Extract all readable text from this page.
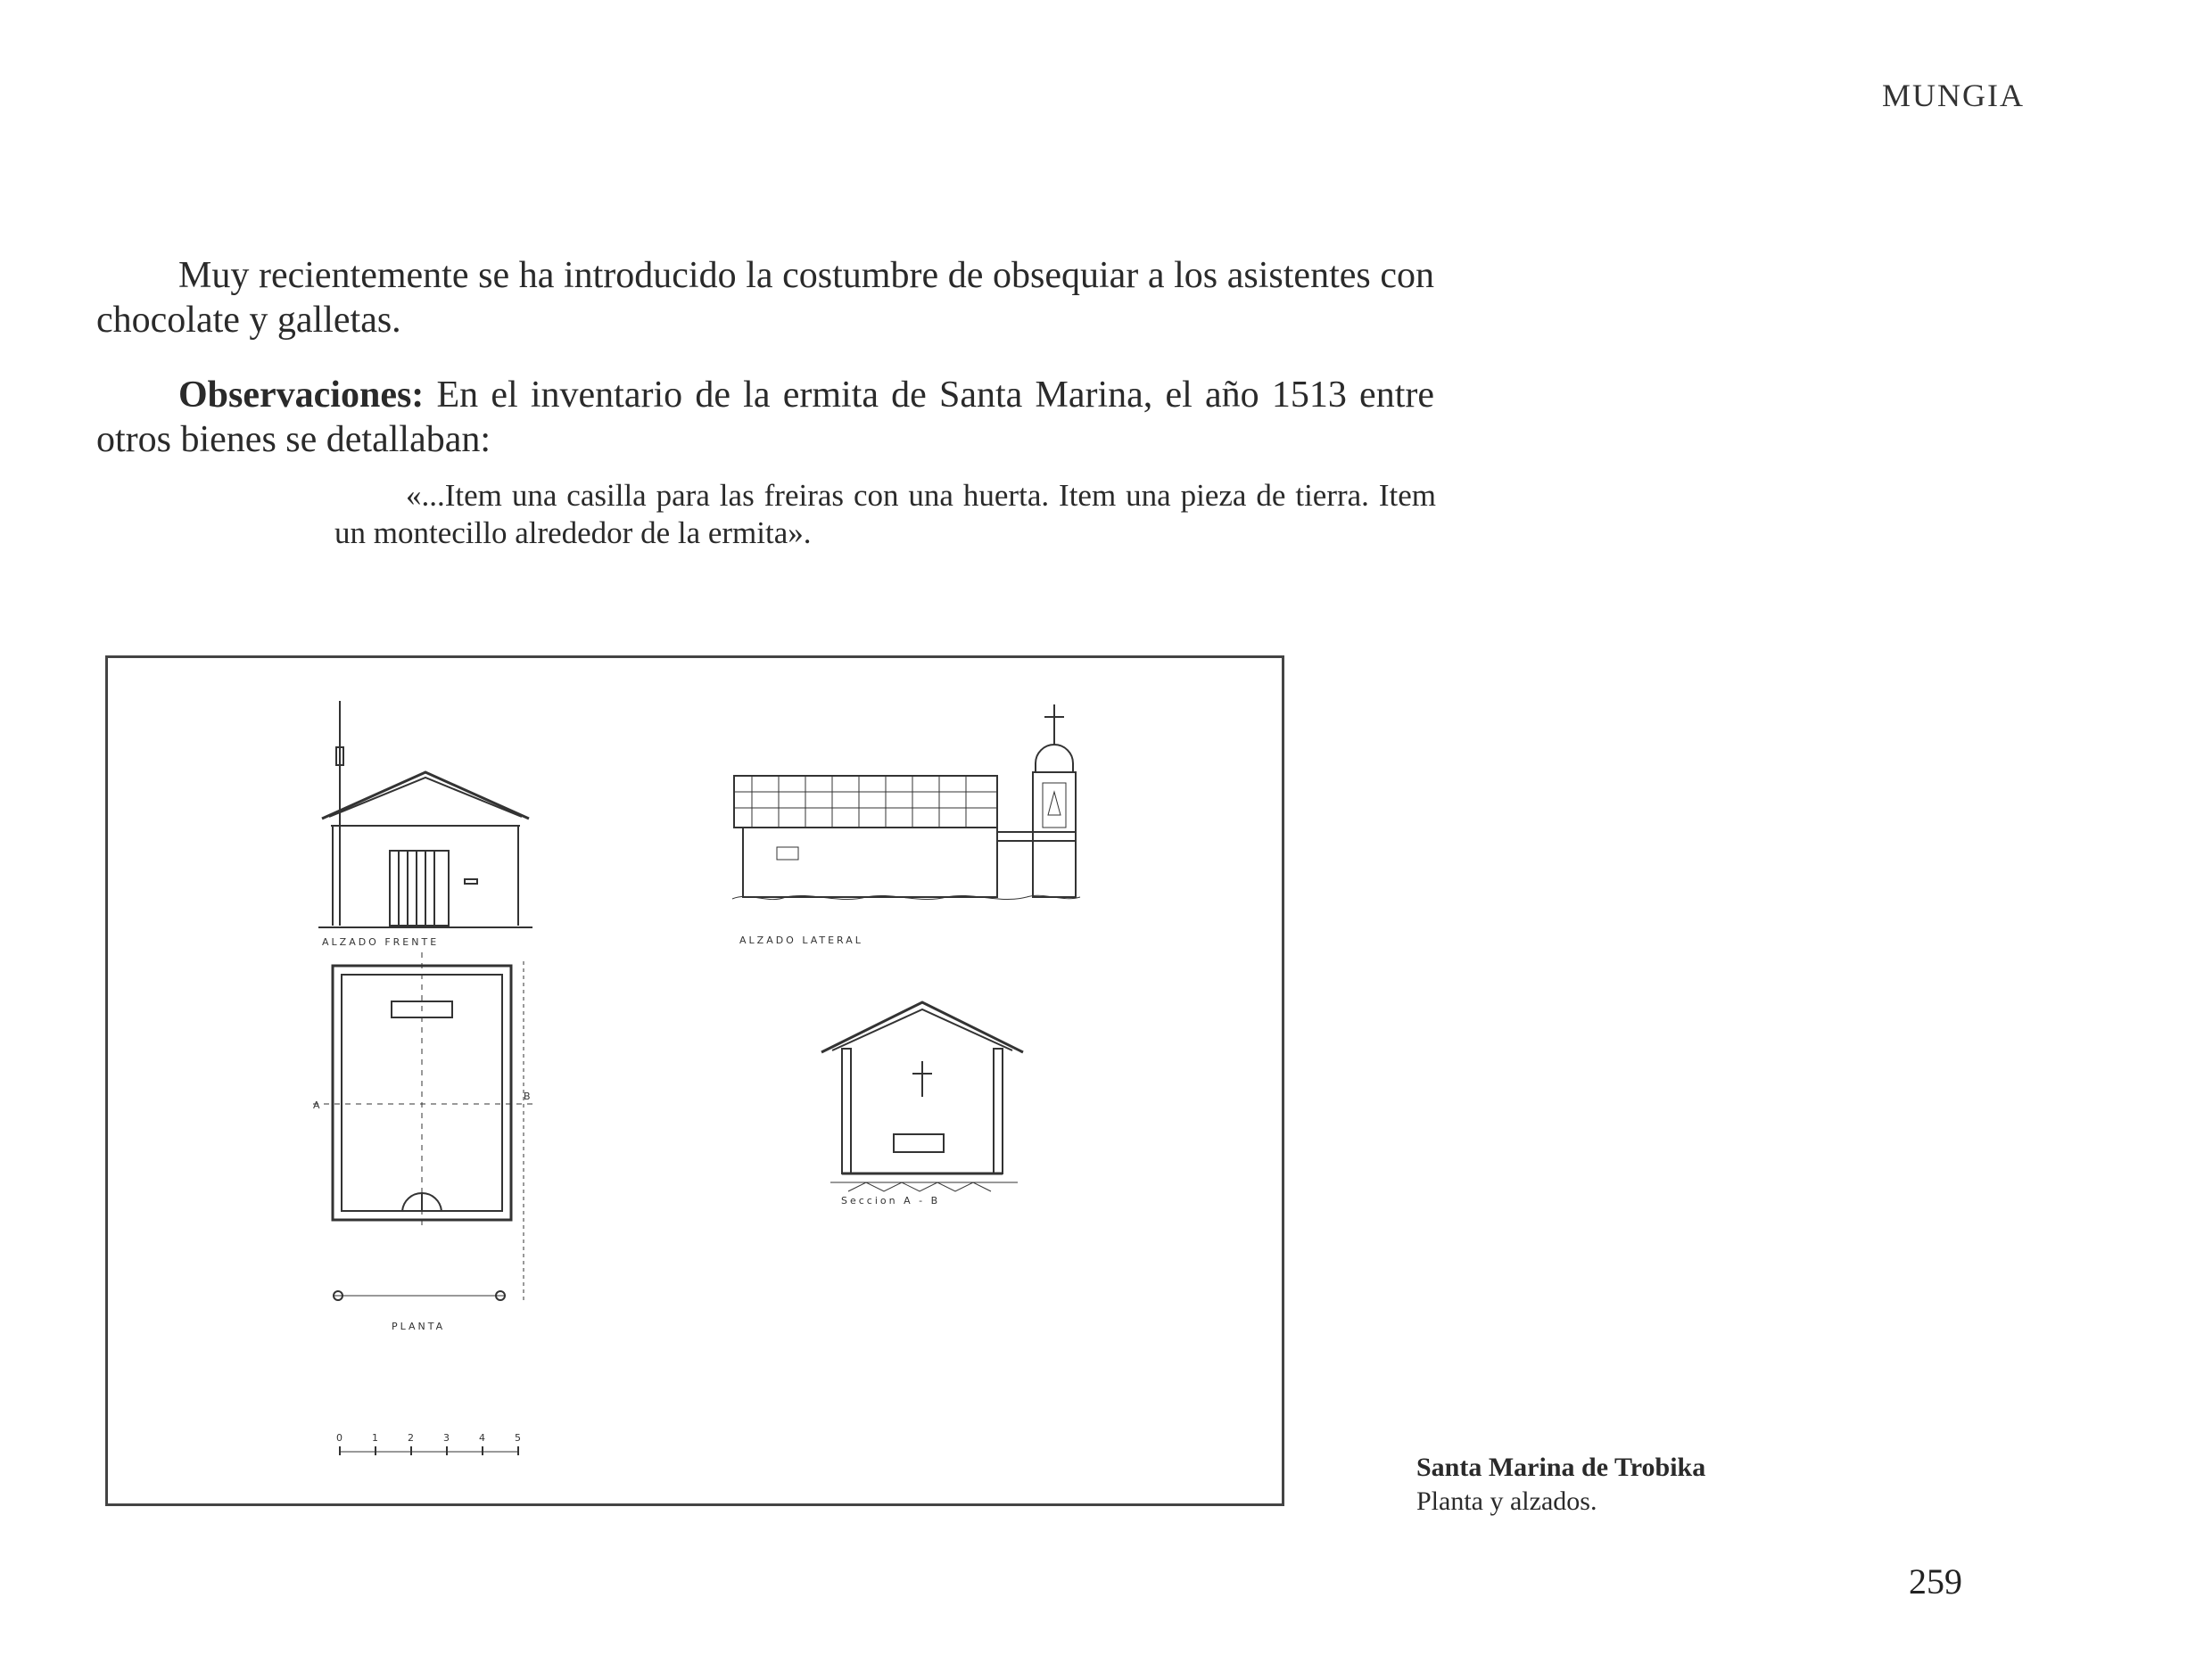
MUNGIA
Muy recientemente se ha introducido la costumbre de obsequiar a los asistentes con chocolate y galletas.
Observaciones: En el inventario de la ermita de Santa Marina, el año 1513 entre otros bienes se detallaban:
«...Item una casilla para las freiras con una huerta. Item una pieza de tierra. Item un montecillo alrededor de la ermita».
ALZADO FRENTE
A
B
PLANTA
ALZADO LATERAL
Seccion A - B
0	1	2	3	4	5
Santa Marina de Trobika
Planta y alzados.
259
